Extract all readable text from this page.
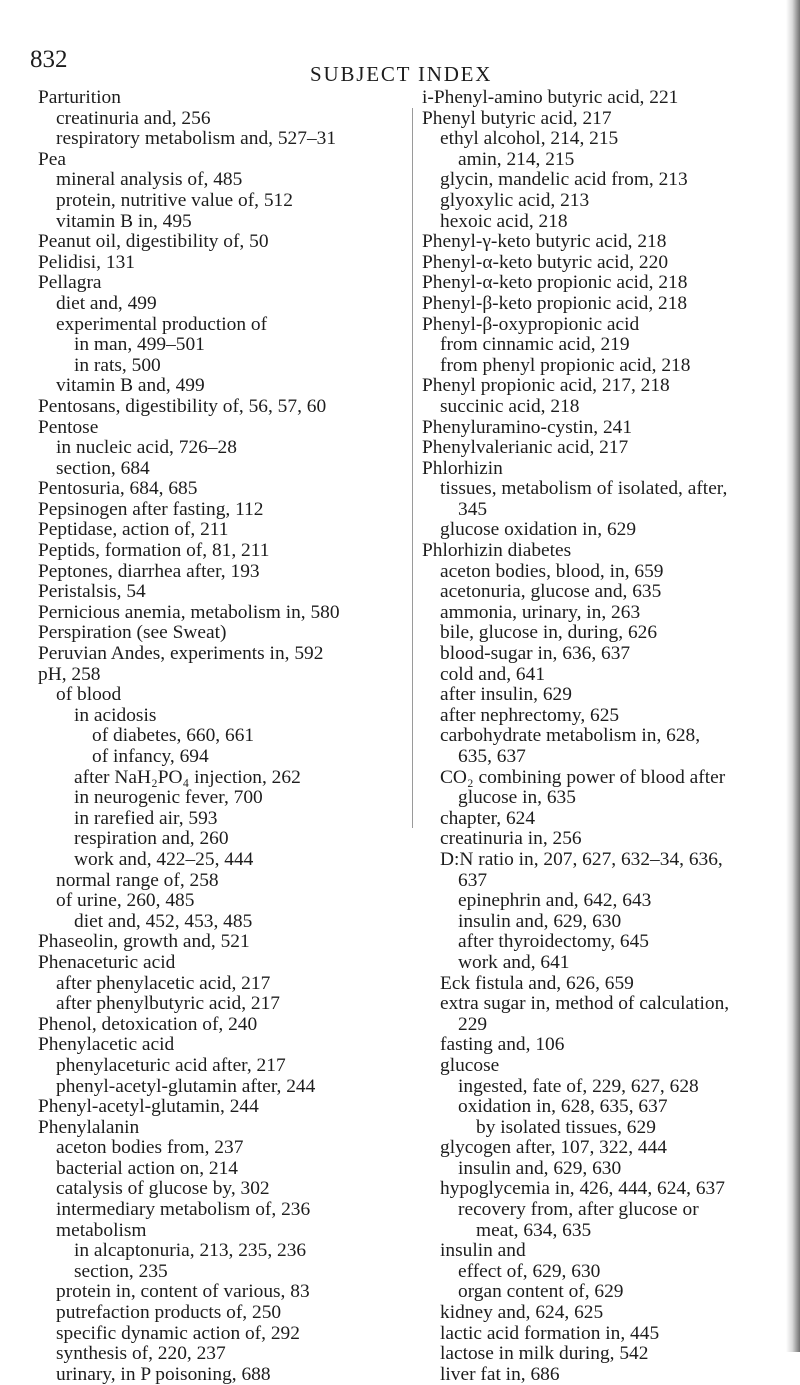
832
SUBJECT INDEX
Parturition
creatinuria and, 256
respiratory metabolism and, 527–31
Pea
mineral analysis of, 485
protein, nutritive value of, 512
vitamin B in, 495
Peanut oil, digestibility of, 50
Pelidisi, 131
Pellagra
diet and, 499
experimental production of
in man, 499–501
in rats, 500
vitamin B and, 499
Pentosans, digestibility of, 56, 57, 60
Pentose
in nucleic acid, 726–28
section, 684
Pentosuria, 684, 685
Pepsinogen after fasting, 112
Peptidase, action of, 211
Peptids, formation of, 81, 211
Peptones, diarrhea after, 193
Peristalsis, 54
Pernicious anemia, metabolism in, 580
Perspiration (see Sweat)
Peruvian Andes, experiments in, 592
pH, 258
of blood
in acidosis
of diabetes, 660, 661
of infancy, 694
after NaH₂PO₄ injection, 262
in neurogenic fever, 700
in rarefied air, 593
respiration and, 260
work and, 422–25, 444
normal range of, 258
of urine, 260, 485
diet and, 452, 453, 485
Phaseolin, growth and, 521
Phenaceturic acid
after phenylacetic acid, 217
after phenylbutyric acid, 217
Phenol, detoxication of, 240
Phenylacetic acid
phenylaceturic acid after, 217
phenyl-acetyl-glutamin after, 244
Phenyl-acetyl-glutamin, 244
Phenylalanin
aceton bodies from, 237
bacterial action on, 214
catalysis of glucose by, 302
intermediary metabolism of, 236
metabolism
in alcaptonuria, 213, 235, 236
section, 235
protein in, content of various, 83
putrefaction products of, 250
specific dynamic action of, 292
synthesis of, 220, 237
urinary, in P poisoning, 688
i-Phenyl-amino butyric acid, 221
Phenyl butyric acid, 217
ethyl alcohol, 214, 215
amin, 214, 215
glycin, mandelic acid from, 213
glyoxylic acid, 213
hexoic acid, 218
Phenyl-γ-keto butyric acid, 218
Phenyl-α-keto butyric acid, 220
Phenyl-α-keto propionic acid, 218
Phenyl-β-keto propionic acid, 218
Phenyl-β-oxypropionic acid
from cinnamic acid, 219
from phenyl propionic acid, 218
Phenyl propionic acid, 217, 218
succinic acid, 218
Phenyluramino-cystin, 241
Phenylvalerianic acid, 217
Phlorhizin
tissues, metabolism of isolated, after,
345
glucose oxidation in, 629
Phlorhizin diabetes
aceton bodies, blood, in, 659
acetonuria, glucose and, 635
ammonia, urinary, in, 263
bile, glucose in, during, 626
blood-sugar in, 636, 637
cold and, 641
after insulin, 629
after nephrectomy, 625
carbohydrate metabolism in, 628,
635, 637
CO₂ combining power of blood after
glucose in, 635
chapter, 624
creatinuria in, 256
D:N ratio in, 207, 627, 632–34, 636,
637
epinephrin and, 642, 643
insulin and, 629, 630
after thyroidectomy, 645
work and, 641
Eck fistula and, 626, 659
extra sugar in, method of calculation,
229
fasting and, 106
glucose
ingested, fate of, 229, 627, 628
oxidation in, 628, 635, 637
by isolated tissues, 629
glycogen after, 107, 322, 444
insulin and, 629, 630
hypoglycemia in, 426, 444, 624, 637
recovery from, after glucose or
meat, 634, 635
insulin and
effect of, 629, 630
organ content of, 629
kidney and, 624, 625
lactic acid formation in, 445
lactose in milk during, 542
liver fat in, 686
